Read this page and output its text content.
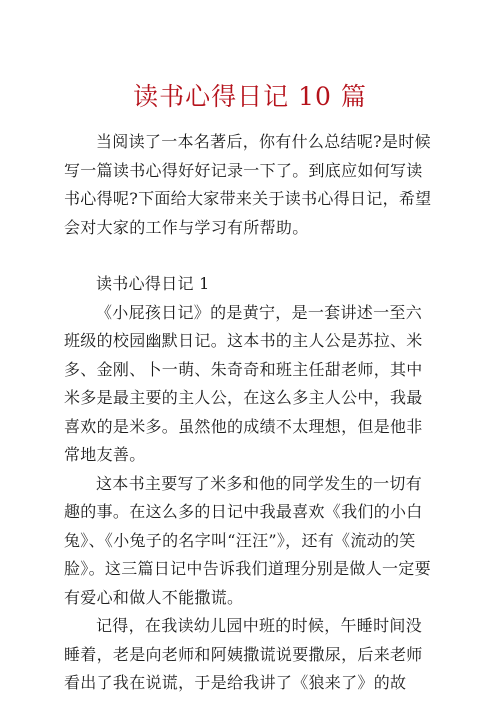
读书心得日记 10 篇

当阅读了一本名著后，你有什么总结呢?是时候写一篇读书心得好好记录一下了。到底应如何写读书心得呢?下面给大家带来关于读书心得日记，希望会对大家的工作与学习有所帮助。

读书心得日记 1

《小屁孩日记》的是黄宁，是一套讲述一至六班级的校园幽默日记。这本书的主人公是苏拉、米多、金刚、卜一萌、朱奇奇和班主任甜老师，其中米多是最主要的主人公，在这么多主人公中，我最喜欢的是米多。虽然他的成绩不太理想，但是他非常地友善。

这本书主要写了米多和他的同学发生的一切有趣的事。在这么多的日记中我最喜欢《我们的小白兔》、《小兔子的名字叫“汪汪”》，还有《流动的笑脸》。这三篇日记中告诉我们道理分别是做人一定要有爱心和做人不能撒谎。

记得，在我读幼儿园中班的时候，午睡时间没睡着，老是向老师和阿姨撒谎说要撒尿，后来老师看出了我在说谎，于是给我讲了《狼来了》的故
